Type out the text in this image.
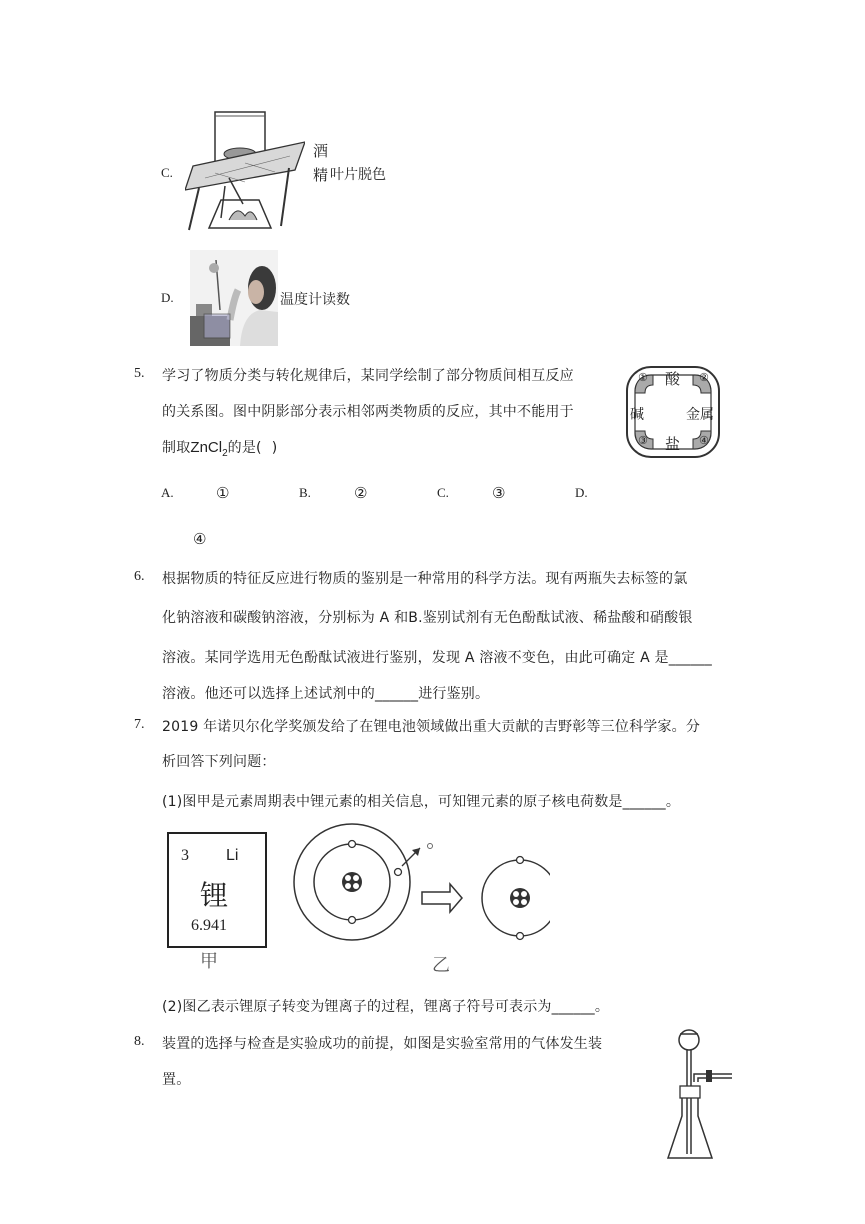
C.
酒
精 叶片脱色
D.	温度计读数
5. 学习了物质分类与转化规律后，某同学绘制了部分物质间相互反应
的关系图。图中阴影部分表示相邻两类物质的反应，其中不能用于
制取ZnCl$_2$的是( )
酸
碱	金属
盐
①	②
③	④
A.	①	B.	②	C.	③	D.
④
6. 根据物质的特征反应进行物质的鉴别是一种常用的科学方法。现有两瓶失去标签的氯
化钠溶液和碳酸钠溶液，分别标为 A 和B.鉴别试剂有无色酚酞试液、稀盐酸和硝酸银
溶液。某同学选用无色酚酞试液进行鉴别，发现 A 溶液不变色，由此可确定 A 是______
溶液。他还可以选择上述试剂中的______进行鉴别。
7. 2019 年诺贝尔化学奖颁发给了在锂电池领域做出重大贡献的吉野彰等三位科学家。分
析回答下列问题：
(1)图甲是元素周期表中锂元素的相关信息，可知锂元素的原子核电荷数是______。
3 Li
锂
6.941
甲	乙
(2)图乙表示锂原子转变为锂离子的过程，锂离子符号可表示为______。
8. 装置的选择与检查是实验成功的前提，如图是实验室常用的气体发生装
置。
